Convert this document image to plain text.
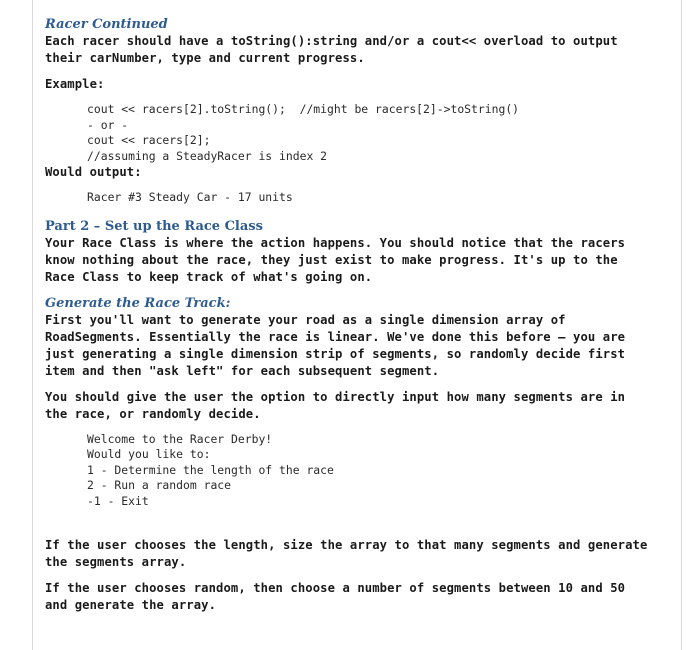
Racer Continued

Each racer should have a toString():string and/or a cout<< overload to output

their carNumber, type and current progress.

Example:

cout << racers[2].toString();  //might be racers[2]->toString()
- or -
cout << racers[2];
//assuming a SteadyRacer is index 2

Would output:

Racer #3 Steady Car - 17 units
Part 2 – Set up the Race Class

Your Race Class is where the action happens. You should notice that the racers

know nothing about the race, they just exist to make progress. It's up to the

Race Class to keep track of what's going on.

Generate the Race Track:

First you'll want to generate your road as a single dimension array of

RoadSegments. Essentially the race is linear. We've done this before – you are

just generating a single dimension strip of segments, so randomly decide first

item and then "ask left" for each subsequent segment.

You should give the user the option to directly input how many segments are in

the race, or randomly decide.

Welcome to the Racer Derby!
Would you like to:
1 - Determine the length of the race
2 - Run a random race
-1 - Exit

If the user chooses the length, size the array to that many segments and generate

the segments array.

If the user chooses random, then choose a number of segments between 10 and 50

and generate the array.
